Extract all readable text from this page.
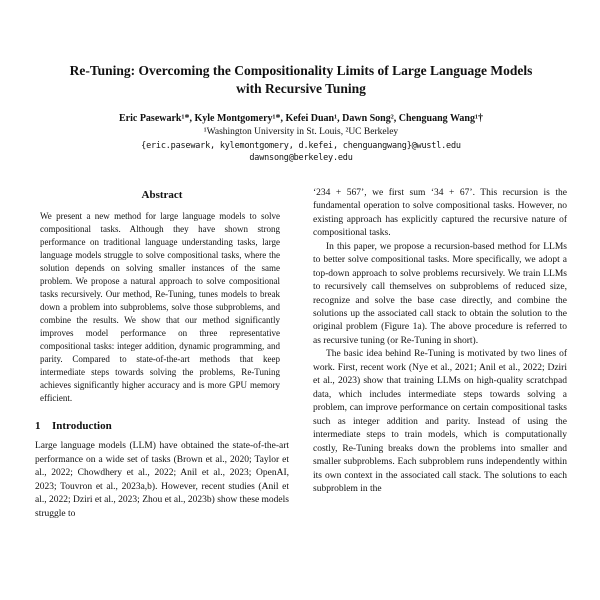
Re-Tuning: Overcoming the Compositionality Limits of Large Language Models with Recursive Tuning

Eric Pasewark¹*, Kyle Montgomery¹*, Kefei Duan¹, Dawn Song², Chenguang Wang¹†

¹Washington University in St. Louis, ²UC Berkeley

{eric.pasewark, kylemontgomery, d.kefei, chenguangwang}@wustl.edu

dawnsong@berkeley.edu

Abstract

We present a new method for large language models to solve compositional tasks. Although they have shown strong performance on traditional language understanding tasks, large language models struggle to solve compositional tasks, where the solution depends on solving smaller instances of the same problem. We propose a natural approach to solve compositional tasks recursively. Our method, Re-Tuning, tunes models to break down a problem into subproblems, solve those subproblems, and combine the results. We show that our method significantly improves model performance on three representative compositional tasks: integer addition, dynamic programming, and parity. Compared to state-of-the-art methods that keep intermediate steps towards solving the problems, Re-Tuning achieves significantly higher accuracy and is more GPU memory efficient.

1 Introduction

Large language models (LLM) have obtained the state-of-the-art performance on a wide set of tasks (Brown et al., 2020; Taylor et al., 2022; Chowdhery et al., 2022; Anil et al., 2023; OpenAI, 2023; Touvron et al., 2023a,b). However, recent studies (Anil et al., 2022; Dziri et al., 2023; Zhou et al., 2023b) show these models struggle to

‘234 + 567’, we first sum ‘34 + 67’. This recursion is the fundamental operation to solve compositional tasks. However, no existing approach has explicitly captured the recursive nature of compositional tasks.

In this paper, we propose a recursion-based method for LLMs to better solve compositional tasks. More specifically, we adopt a top-down approach to solve problems recursively. We train LLMs to recursively call themselves on subproblems of reduced size, recognize and solve the base case directly, and combine the solutions up the associated call stack to obtain the solution to the original problem (Figure 1a). The above procedure is referred to as recursive tuning (or Re-Tuning in short).

The basic idea behind Re-Tuning is motivated by two lines of work. First, recent work (Nye et al., 2021; Anil et al., 2022; Dziri et al., 2023) show that training LLMs on high-quality scratchpad data, which includes intermediate steps towards solving a problem, can improve performance on certain compositional tasks such as integer addition and parity. Instead of using the intermediate steps to train models, which is computationally costly, Re-Tuning breaks down the problems into smaller and smaller subproblems. Each subproblem runs independently within its own context in the associated call stack. The solutions to each subproblem in the
